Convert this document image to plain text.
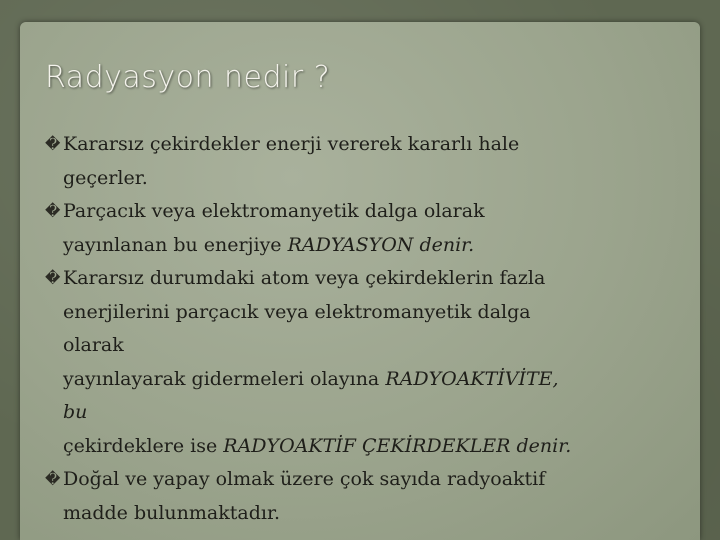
Radyasyon nedir ?
� Kararsız çekirdekler enerji vererek kararlı hale
geçerler.
� Parçacık veya elektromanyetik dalga olarak
yayınlanan bu enerjiye RADYASYON denir.
� Kararsız durumdaki atom veya çekirdeklerin fazla
enerjilerini parçacık veya elektromanyetik dalga
olarak
yayınlayarak gidermeleri olayına RADYOAKTİVİTE,
bu
çekirdeklere ise RADYOAKTİF ÇEKİRDEKLER denir.
� Doğal ve yapay olmak üzere çok sayıda radyoaktif
madde bulunmaktadır.
